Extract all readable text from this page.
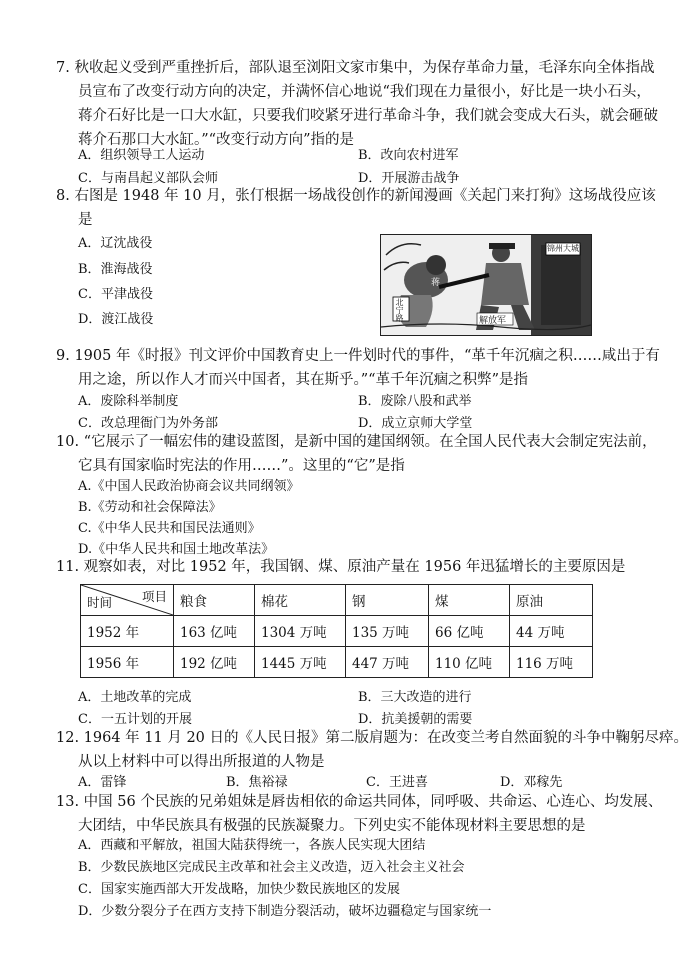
7. 秋收起义受到严重挫折后，部队退至浏阳文家市集中，为保存革命力量，毛泽东向全体指战
员宣布了改变行动方向的决定，并满怀信心地说“我们现在力量很小，好比是一块小石头，
蒋介石好比是一口大水缸，只要我们咬紧牙进行革命斗争，我们就会变成大石头，就会砸破
蒋介石那口大水缸。”“改变行动方向”指的是
A．组织领导工人运动	B．改向农村进军
C．与南昌起义部队会师	D．开展游击战争
8. 右图是 1948 年 10 月，张仃根据一场战役创作的新闻漫画《关起门来打狗》这场战役应该
是
A．辽沈战役
B．淮海战役
C．平津战役
D．渡江战役	解放军
锦州大城
北宁路
蒋
9. 1905 年《时报》刊文评价中国教育史上一件划时代的事件，“革千年沉痼之积……咸出于有
用之途，所以作人才而兴中国者，其在斯乎。”“革千年沉痼之积弊”是指
A．废除科举制度	B．废除八股和武举
C．改总理衙门为外务部	D．成立京师大学堂
10. “它展示了一幅宏伟的建设蓝图，是新中国的建国纲领。在全国人民代表大会制定宪法前，
它具有国家临时宪法的作用……”。这里的“它”是指
A.《中国人民政治协商会议共同纲领》
B.《劳动和社会保障法》
C.《中华人民共和国民法通则》
D.《中华人民共和国土地改革法》
11. 观察如表，对比 1952 年，我国钢、煤、原油产量在 1956 年迅猛增长的主要原因是
时间 项目	粮食	棉花	钢	煤	原油
1952 年	163 亿吨	1304 万吨	135 万吨	66 亿吨	44 万吨
1956 年	192 亿吨	1445 万吨	447 万吨	110 亿吨	116 万吨
A．土地改革的完成	B．三大改造的进行
C．一五计划的开展	D．抗美援朝的需要
12. 1964 年 11 月 20 日的《人民日报》第二版肩题为：在改变兰考自然面貌的斗争中鞠躬尽瘁。
从以上材料中可以得出所报道的人物是
A．雷锋	B．焦裕禄	C．王进喜	D．邓稼先
13. 中国 56 个民族的兄弟姐妹是唇齿相依的命运共同体，同呼吸、共命运、心连心、均发展、
大团结，中华民族具有极强的民族凝聚力。下列史实不能体现材料主要思想的是
A．西藏和平解放，祖国大陆获得统一，各族人民实现大团结
B．少数民族地区完成民主改革和社会主义改造，迈入社会主义社会
C．国家实施西部大开发战略，加快少数民族地区的发展
D．少数分裂分子在西方支持下制造分裂活动，破坏边疆稳定与国家统一
